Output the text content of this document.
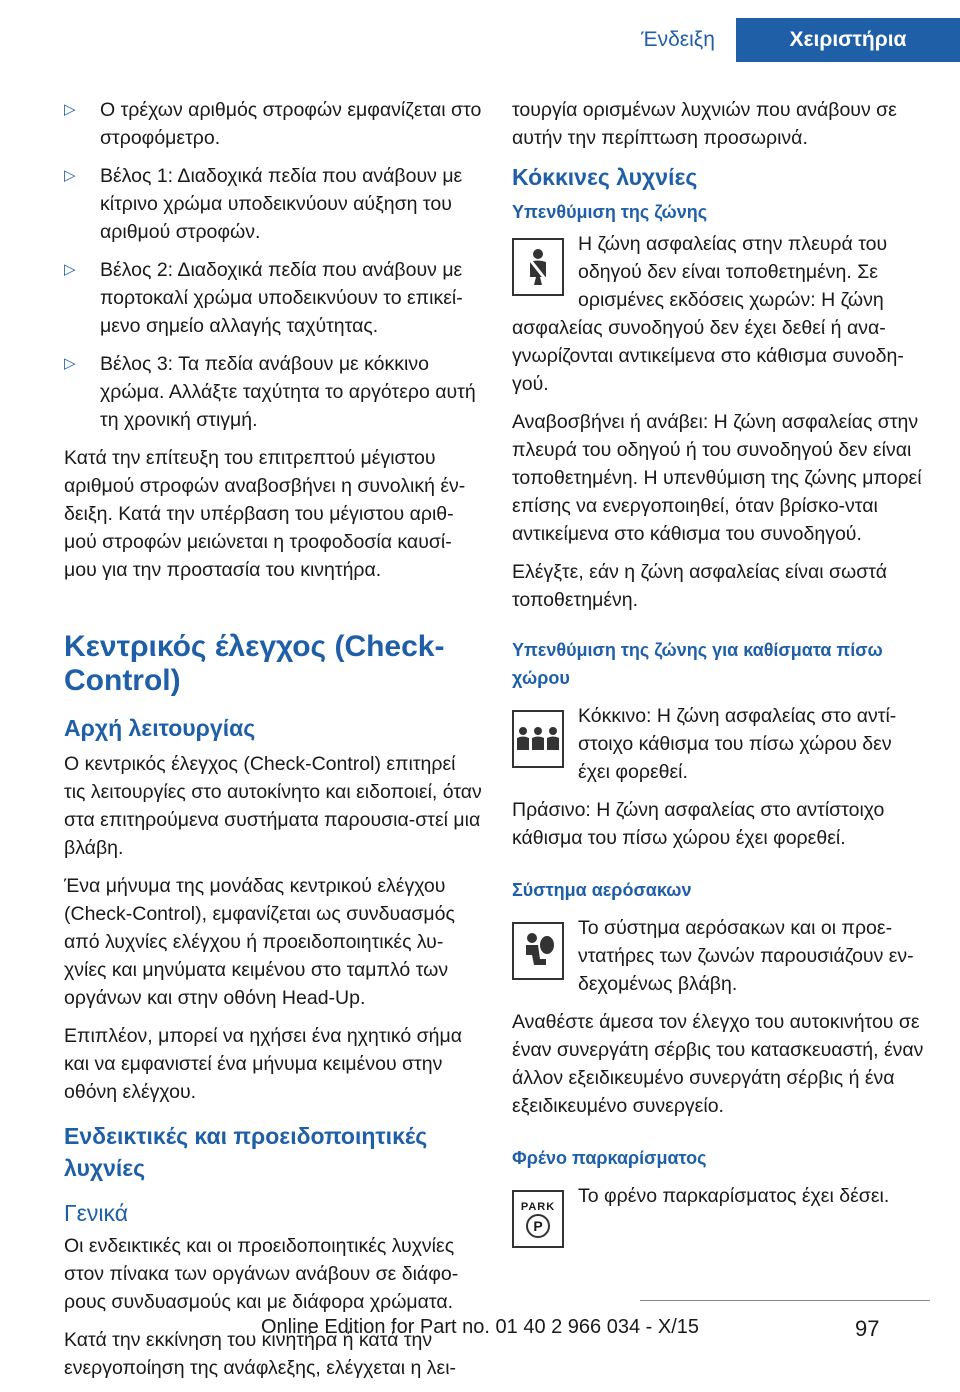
Ένδειξη	Χειριστήρια
▷ Ο τρέχων αριθμός στροφών εμφανίζεται στο στροφόμετρο.
▷ Βέλος 1: Διαδοχικά πεδία που ανάβουν με κίτρινο χρώμα υποδεικνύουν αύξηση του αριθμού στροφών.
▷ Βέλος 2: Διαδοχικά πεδία που ανάβουν με πορτοκαλί χρώμα υποδεικνύουν το επικεί‐μενο σημείο αλλαγής ταχύτητας.
▷ Βέλος 3: Τα πεδία ανάβουν με κόκκινο χρώμα. Αλλάξτε ταχύτητα το αργότερο αυτή τη χρονική στιγμή.

Κατά την επίτευξη του επιτρεπτού μέγιστου αριθμού στροφών αναβοσβήνει η συνολική έν‐δειξη. Κατά την υπέρβαση του μέγιστου αριθ‐μού στροφών μειώνεται η τροφοδοσία καυσί‐μου για την προστασία του κινητήρα.

Κεντρικός έλεγχος (Check-Control)
Αρχή λειτουργίας

Ο κεντρικός έλεγχος (Check-Control) επιτηρεί τις λειτουργίες στο αυτοκίνητο και ειδοποιεί, όταν στα επιτηρούμενα συστήματα παρουσια‐στεί μια βλάβη.

Ένα μήνυμα της μονάδας κεντρικού ελέγχου (Check-Control), εμφανίζεται ως συνδυασμός από λυχνίες ελέγχου ή προειδοποιητικές λυ‐χνίες και μηνύματα κειμένου στο ταμπλό των οργάνων και στην οθόνη Head-Up.

Επιπλέον, μπορεί να ηχήσει ένα ηχητικό σήμα και να εμφανιστεί ένα μήνυμα κειμένου στην οθόνη ελέγχου.

Ενδεικτικές και προειδοποιητικές λυχνίες
Γενικά

Οι ενδεικτικές και οι προειδοποιητικές λυχνίες στον πίνακα των οργάνων ανάβουν σε διάφο‐ρους συνδυασμούς και με διάφορα χρώματα.

Κατά την εκκίνηση του κινητήρα ή κατά την ενεργοποίηση της ανάφλεξης, ελέγχεται η λει‐

τουργία ορισμένων λυχνιών που ανάβουν σε αυτήν την περίπτωση προσωρινά.

Κόκκινες λυχνίες
Υπενθύμιση της ζώνης

Η ζώνη ασφαλείας στην πλευρά του οδηγού δεν είναι τοποθετημένη. Σε ορισμένες εκδόσεις χωρών: Η ζώνη ασφαλείας συνοδηγού δεν έχει δεθεί ή ανα‐γνωρίζονται αντικείμενα στο κάθισμα συνοδη‐γού.

Αναβοσβήνει ή ανάβει: Η ζώνη ασφαλείας στην πλευρά του οδηγού ή του συνοδηγού δεν είναι τοποθετημένη. Η υπενθύμιση της ζώνης μπορεί επίσης να ενεργοποιηθεί, όταν βρίσκο‐νται αντικείμενα στο κάθισμα του συνοδηγού.

Ελέγξτε, εάν η ζώνη ασφαλείας είναι σωστά τοποθετημένη.

Υπενθύμιση της ζώνης για καθίσματα πίσω χώρου

Κόκκινο: Η ζώνη ασφαλείας στο αντί‐στοιχο κάθισμα του πίσω χώρου δεν έχει φορεθεί.

Πράσινο: Η ζώνη ασφαλείας στο αντίστοιχο κάθισμα του πίσω χώρου έχει φορεθεί.

Σύστημα αερόσακων

Το σύστημα αερόσακων και οι προε‐ντατήρες των ζωνών παρουσιάζουν εν‐δεχομένως βλάβη.

Αναθέστε άμεσα τον έλεγχο του αυτοκινήτου σε έναν συνεργάτη σέρβις του κατασκευαστή, έναν άλλον εξειδικευμένο συνεργάτη σέρβις ή ένα εξειδικευμένο συνεργείο.

Φρένο παρκαρίσματος
PARK
P

Το φρένο παρκαρίσματος έχει δέσει.

Online Edition for Part no. 01 40 2 966 034 - X/15	97
